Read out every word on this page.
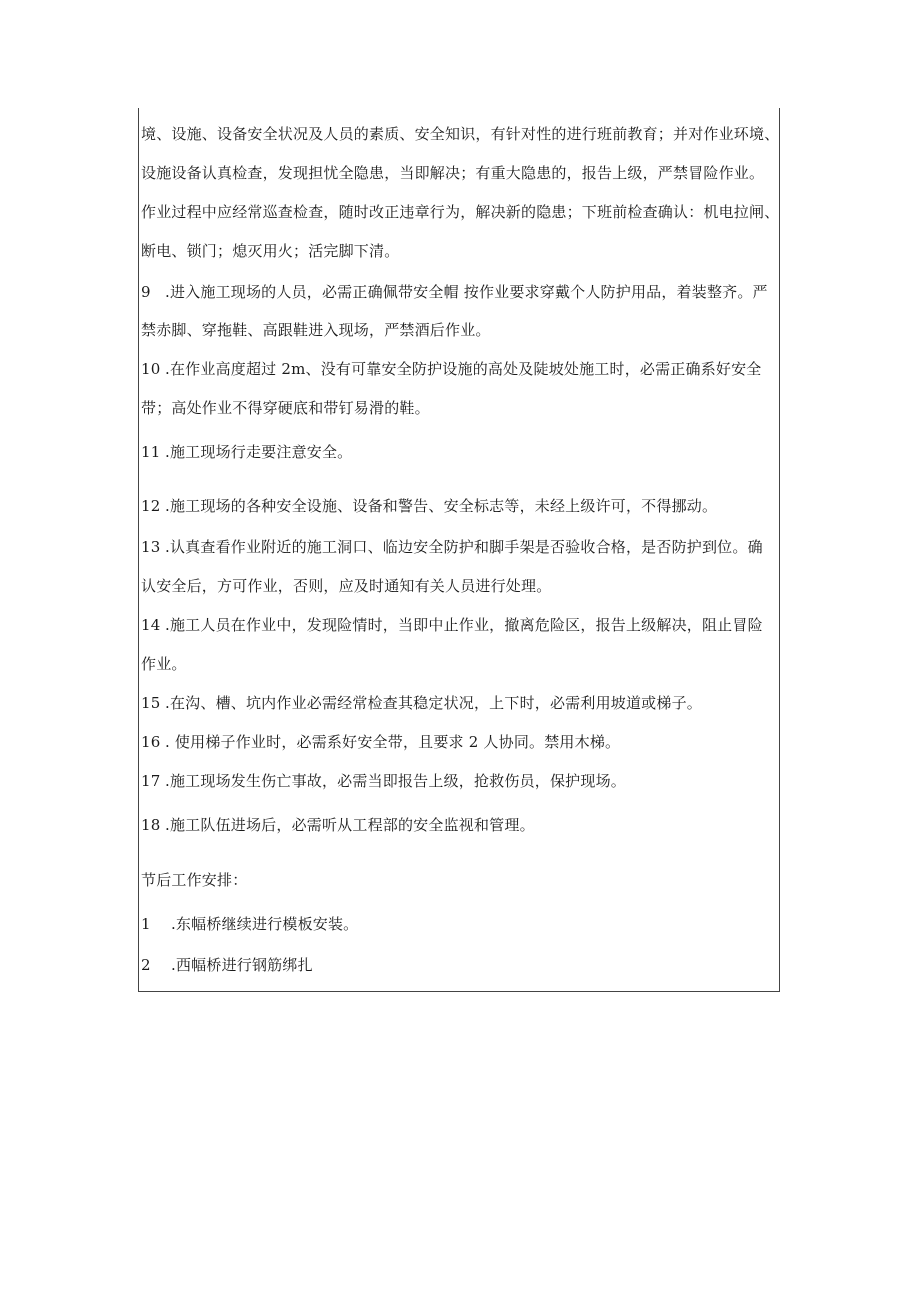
境、设施、设备安全状况及人员的素质、安全知识，有针对性的进行班前教育；并对作业环境、
设施设备认真检查，发现担忧全隐患，当即解决；有重大隐患的，报告上级，严禁冒险作业。
作业过程中应经常巡查检查，随时改正违章行为，解决新的隐患；下班前检查确认：机电拉闸、
断电、锁门；熄灭用火；活完脚下清。
9 .进入施工现场的人员，必需正确佩带安全帽 按作业要求穿戴个人防护用品，着装整齐。严
禁赤脚、穿拖鞋、高跟鞋进入现场，严禁酒后作业。
10 .在作业高度超过 2m、没有可靠安全防护设施的高处及陡坡处施工时，必需正确系好安全
带；高处作业不得穿硬底和带钉易滑的鞋。
11 .施工现场行走要注意安全。
12 .施工现场的各种安全设施、设备和警告、安全标志等，未经上级许可，不得挪动。
13 .认真查看作业附近的施工洞口、临边安全防护和脚手架是否验收合格，是否防护到位。确
认安全后，方可作业，否则，应及时通知有关人员进行处理。
14 .施工人员在作业中，发现险情时，当即中止作业，撤离危险区，报告上级解决，阻止冒险
作业。
15 .在沟、槽、坑内作业必需经常检查其稳定状况，上下时，必需利用坡道或梯子。
16 . 使用梯子作业时，必需系好安全带，且要求 2 人协同。禁用木梯。
17 .施工现场发生伤亡事故，必需当即报告上级，抢救伤员，保护现场。
18 .施工队伍进场后，必需听从工程部的安全监视和管理。
节后工作安排：
1 .东幅桥继续进行模板安装。
2 .西幅桥进行钢筋绑扎
